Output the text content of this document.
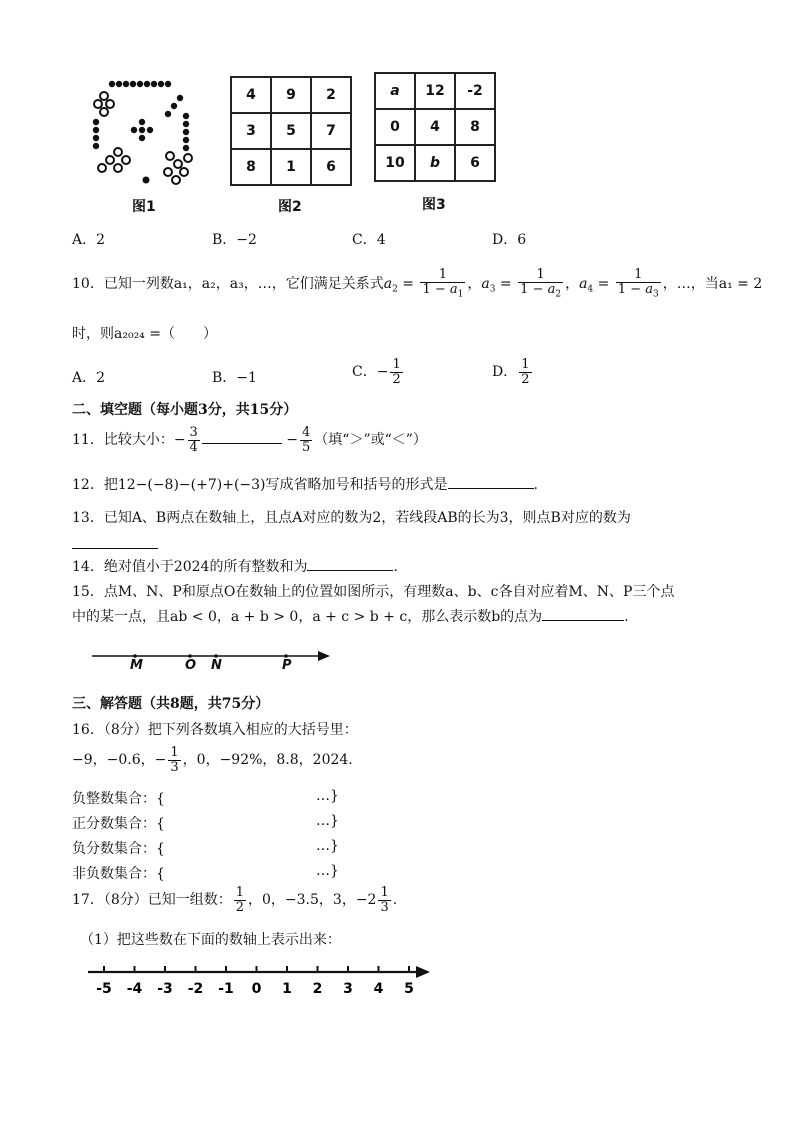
图1
4	9	2
3	5	7
8	1	6
图2
a	12	-2
0	4	8
10	b	6
图3
A．2	B．−2	C．4	D．6
10．已知一列数a₁，a₂，a₃，…，它们满足关系式$a_2 = \frac{1}{1 - a_1}$ ，$a_3 = \frac{1}{1 - a_2}$ ，$a_4 = \frac{1}{1 - a_3}$ ，…，当a₁ = 2
时，则a₂₀₂₄ =（　　）
A．2	B．−1	C．− $\frac{1}{2}$	D． $\frac{1}{2}$
二、填空题（每小题3分，共15分）
11．比较大小：− $\frac{3}{4}$	− $\frac{4}{5}$ （填“＞”或“＜”）
12．把12−(−8)−(+7)+(−3)写成省略加号和括号的形式是	.
13．已知A、B两点在数轴上，且点A对应的数为2，若线段AB的长为3，则点B对应的数为
14．绝对值小于2024的所有整数和为	.
15．点M、N、P和原点O在数轴上的位置如图所示，有理数a、b、c各自对应着M、N、P三个点
中的某一点，且ab < 0，a + b > 0，a + c > b + c，那么表示数b的点为	.
M	O N	P
三、解答题（共8题，共75分）
16．（8分）把下列各数填入相应的大括号里：
−9，−0.6，− $\frac{1}{3}$ ，0，−92%，8.8，2024.
负整数集合：{	…}
正分数集合：{	…}
负分数集合：{	…}
非负数集合：{	…}
17．（8分）已知一组数： $\frac{1}{2}$ ，0，−3.5，3，$-2 \frac{1}{3}$ .
（1）把这些数在下面的数轴上表示出来：
-5 -4 -3 -2 -1 0 1 2 3 4 5
